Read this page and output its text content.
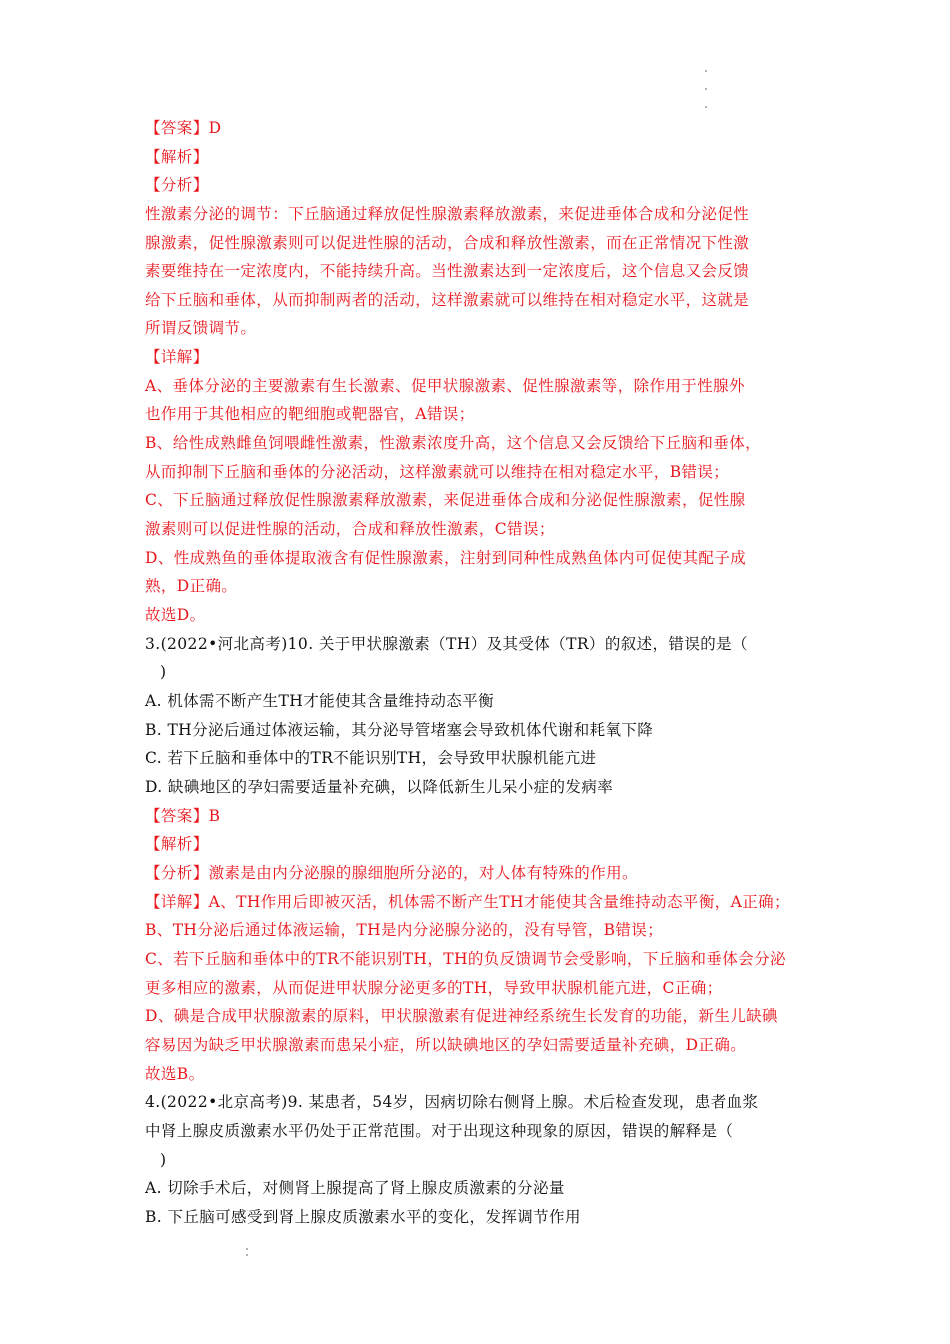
【答案】D
【解析】
【分析】
性激素分泌的调节：下丘脑通过释放促性腺激素释放激素，来促进垂体合成和分泌促性
腺激素，促性腺激素则可以促进性腺的活动，合成和释放性激素，而在正常情况下性激
素要维持在一定浓度内，不能持续升高。当性激素达到一定浓度后，这个信息又会反馈
给下丘脑和垂体，从而抑制两者的活动，这样激素就可以维持在相对稳定水平，这就是
所谓反馈调节。
【详解】
A、垂体分泌的主要激素有生长激素、促甲状腺激素、促性腺激素等，除作用于性腺外
也作用于其他相应的靶细胞或靶器官，A错误；
B、给性成熟雌鱼饲喂雌性激素，性激素浓度升高，这个信息又会反馈给下丘脑和垂体，
从而抑制下丘脑和垂体的分泌活动，这样激素就可以维持在相对稳定水平，B错误；
C、下丘脑通过释放促性腺激素释放激素，来促进垂体合成和分泌促性腺激素，促性腺
激素则可以促进性腺的活动，合成和释放性激素，C错误；
D、性成熟鱼的垂体提取液含有促性腺激素，注射到同种性成熟鱼体内可促使其配子成
熟，D正确。
故选D。
3.(2022•河北高考)10. 关于甲状腺激素（TH）及其受体（TR）的叙述，错误的是（
)
A. 机体需不断产生TH才能使其含量维持动态平衡
B. TH分泌后通过体液运输，其分泌导管堵塞会导致机体代谢和耗氧下降
C. 若下丘脑和垂体中的TR不能识别TH，会导致甲状腺机能亢进
D. 缺碘地区的孕妇需要适量补充碘，以降低新生儿呆小症的发病率
【答案】B
【解析】
【分析】激素是由内分泌腺的腺细胞所分泌的，对人体有特殊的作用。
【详解】A、TH作用后即被灭活，机体需不断产生TH才能使其含量维持动态平衡，A正确；
B、TH分泌后通过体液运输，TH是内分泌腺分泌的，没有导管，B错误；
C、若下丘脑和垂体中的TR不能识别TH，TH的负反馈调节会受影响，下丘脑和垂体会分泌
更多相应的激素，从而促进甲状腺分泌更多的TH，导致甲状腺机能亢进，C正确；
D、碘是合成甲状腺激素的原料，甲状腺激素有促进神经系统生长发育的功能，新生儿缺碘
容易因为缺乏甲状腺激素而患呆小症，所以缺碘地区的孕妇需要适量补充碘，D正确。
故选B。
4.(2022•北京高考)9. 某患者，54岁，因病切除右侧肾上腺。术后检查发现，患者血浆
中肾上腺皮质激素水平仍处于正常范围。对于出现这种现象的原因，错误的解释是（
)
A. 切除手术后，对侧肾上腺提高了肾上腺皮质激素的分泌量
B. 下丘脑可感受到肾上腺皮质激素水平的变化，发挥调节作用
